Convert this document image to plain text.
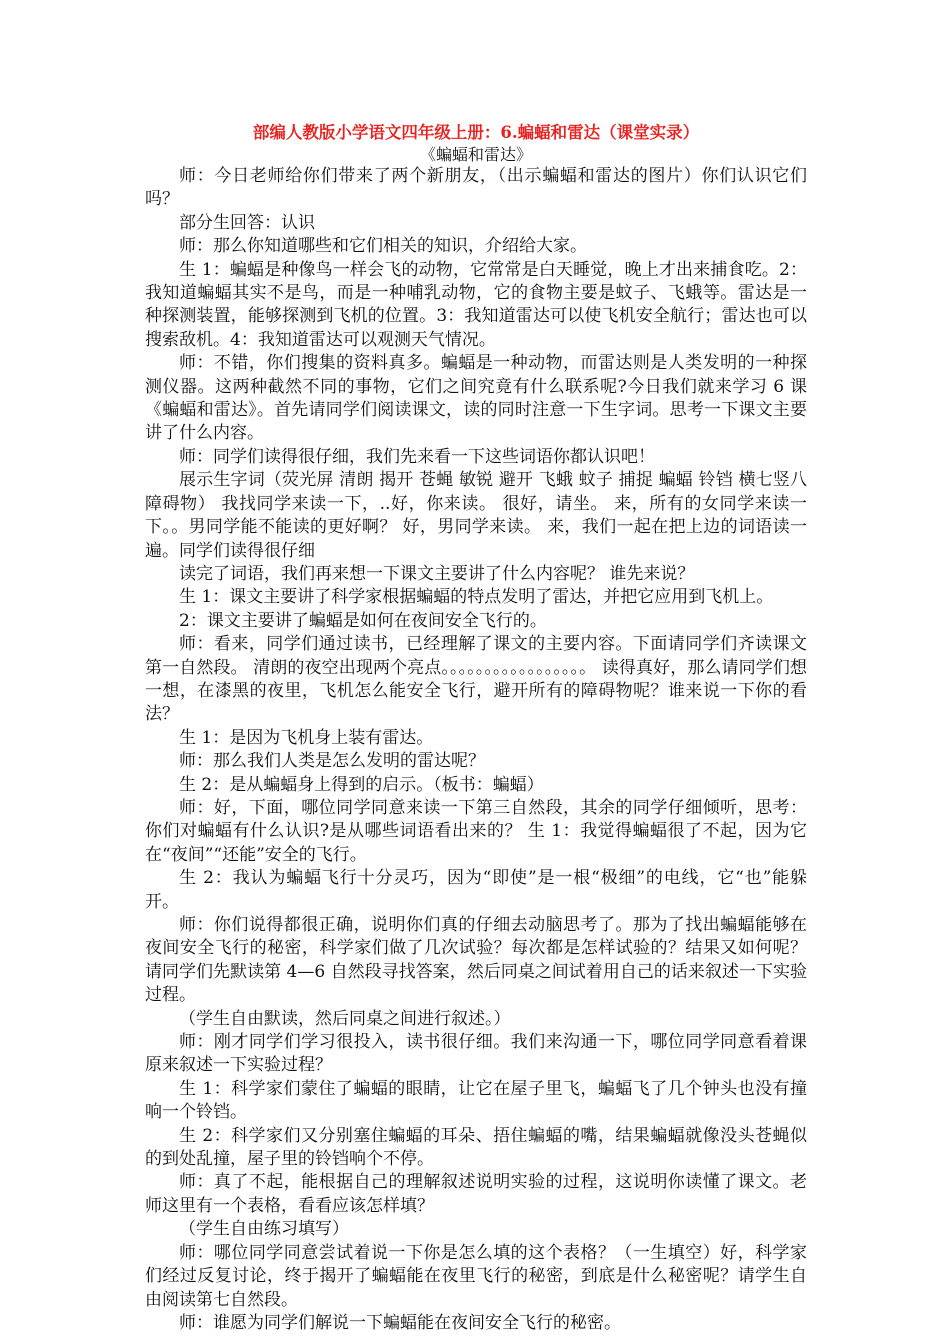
部编人教版小学语文四年级上册：6.蝙蝠和雷达（课堂实录）

《蝙蝠和雷达》

师：今日老师给你们带来了两个新朋友，（出示蝙蝠和雷达的图片）你们认识它们吗？

部分生回答：认识

师：那么你知道哪些和它们相关的知识，介绍给大家。

生 1：蝙蝠是种像鸟一样会飞的动物，它常常是白天睡觉，晚上才出来捕食吃。2：我知道蝙蝠其实不是鸟，而是一种哺乳动物，它的食物主要是蚊子、飞蛾等。雷达是一种探测装置，能够探测到飞机的位置。3：我知道雷达可以使飞机安全航行；雷达也可以搜索敌机。4：我知道雷达可以观测天气情况。

师：不错，你们搜集的资料真多。蝙蝠是一种动物，而雷达则是人类发明的一种探测仪器。这两种截然不同的事物，它们之间究竟有什么联系呢?今日我们就来学习 6 课《蝙蝠和雷达》。首先请同学们阅读课文，读的同时注意一下生字词。思考一下课文主要讲了什么内容。

师：同学们读得很仔细，我们先来看一下这些词语你都认识吧！

展示生字词（荧光屏 清朗 揭开 苍蝇 敏锐 避开 飞蛾 蚊子 捕捉 蝙蝠 铃铛 横七竖八 障碍物） 我找同学来读一下，..好，你来读。 很好，请坐。 来，所有的女同学来读一下。。男同学能不能读的更好啊？ 好，男同学来读。 来，我们一起在把上边的词语读一遍。同学们读得很仔细

读完了词语，我们再来想一下课文主要讲了什么内容呢？ 谁先来说？

生 1：课文主要讲了科学家根据蝙蝠的特点发明了雷达，并把它应用到飞机上。

2：课文主要讲了蝙蝠是如何在夜间安全飞行的。

师：看来，同学们通过读书，已经理解了课文的主要内容。下面请同学们齐读课文第一自然段。 清朗的夜空出现两个亮点。。。。。。。。。。。。。。。。。 读得真好，那么请同学们想一想，在漆黑的夜里，飞机怎么能安全飞行，避开所有的障碍物呢？谁来说一下你的看法？

生 1：是因为飞机身上装有雷达。

师：那么我们人类是怎么发明的雷达呢？

生 2：是从蝙蝠身上得到的启示。（板书：蝙蝠）

师：好，下面，哪位同学同意来读一下第三自然段，其余的同学仔细倾听，思考：你们对蝙蝠有什么认识?是从哪些词语看出来的？ 生 1：我觉得蝙蝠很了不起，因为它在“夜间”“还能”安全的飞行。

生 2：我认为蝙蝠飞行十分灵巧，因为“即使”是一根“极细”的电线，它“也”能躲开。

师：你们说得都很正确，说明你们真的仔细去动脑思考了。那为了找出蝙蝠能够在夜间安全飞行的秘密，科学家们做了几次试验？每次都是怎样试验的？结果又如何呢？请同学们先默读第 4—6 自然段寻找答案，然后同桌之间试着用自己的话来叙述一下实验过程。

（学生自由默读，然后同桌之间进行叙述。）

师：刚才同学们学习很投入，读书很仔细。我们来沟通一下，哪位同学同意看着课原来叙述一下实验过程？

生 1：科学家们蒙住了蝙蝠的眼睛，让它在屋子里飞，蝙蝠飞了几个钟头也没有撞响一个铃铛。

生 2：科学家们又分别塞住蝙蝠的耳朵、捂住蝙蝠的嘴，结果蝙蝠就像没头苍蝇似的到处乱撞，屋子里的铃铛响个不停。

师：真了不起，能根据自己的理解叙述说明实验的过程，这说明你读懂了课文。老师这里有一个表格，看看应该怎样填？

（学生自由练习填写）

师：哪位同学同意尝试着说一下你是怎么填的这个表格？（一生填空）好，科学家们经过反复讨论，终于揭开了蝙蝠能在夜里飞行的秘密，到底是什么秘密呢？请学生自由阅读第七自然段。

师：谁愿为同学们解说一下蝙蝠能在夜间安全飞行的秘密。
